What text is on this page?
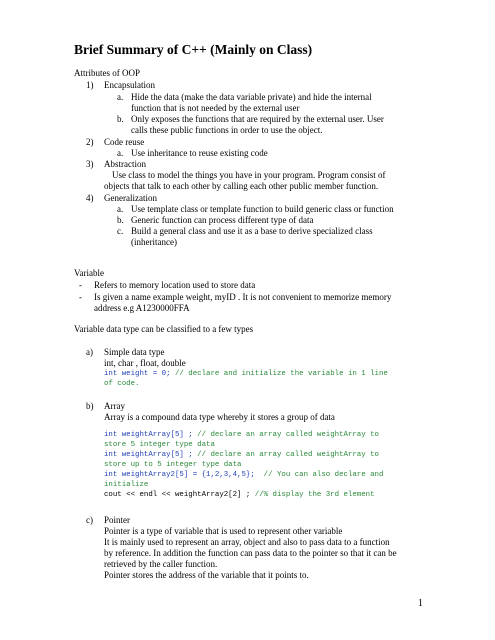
Brief Summary of C++ (Mainly on Class)
Attributes of OOP
1) Encapsulation
a. Hide the data (make the data variable private) and hide the internal
function that is not needed by the external user
b. Only exposes the functions that are required by the external user. User
calls these public functions in order to use the object.
2) Code reuse
a. Use inheritance to reuse existing code
3) Abstraction
Use class to model the things you have in your program. Program consist of
objects that talk to each other by calling each other public member function.
4) Generalization
a. Use template class or template function to build generic class or function
b. Generic function can process different type of data
c. Build a general class and use it as a base to derive specialized class
(inheritance)
Variable
- Refers to memory location used to store data
- Is given a name example weight, myID . It is not convenient to memorize memory
address e.g A1230000FFA
Variable data type can be classified to a few types
a) Simple data type
int, char , float, double
int weight = 0; // declare and initialize the variable in 1 line
of code.
b) Array
Array is a compound data type whereby it stores a group of data
int weightArray[5] ; // declare an array called weightArray to
store 5 integer type data
int weightArray[5] ; // declare an array called weightArray to
store up to 5 integer type data
int weightArray2[5] = {1,2,3,4,5}; // You can also declare and
initialize
cout << endl << weightArray2[2] ; //% display the 3rd element
c) Pointer
Pointer is a type of variable that is used to represent other variable
It is mainly used to represent an array, object and also to pass data to a function
by reference. In addition the function can pass data to the pointer so that it can be
retrieved by the caller function.
Pointer stores the address of the variable that it points to.
1
